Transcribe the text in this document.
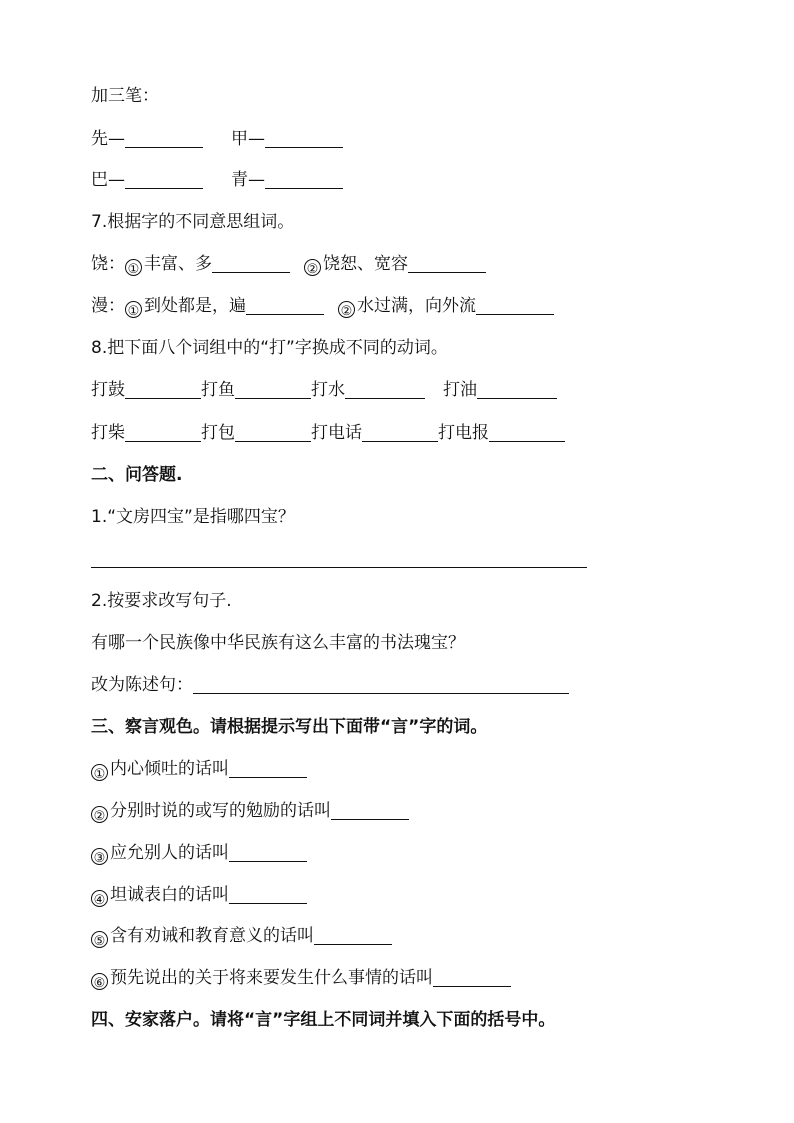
加三笔：
先—	甲—
巴—	青—
7.根据字的不同意思组词。
饶： ① 丰富、多	② 饶恕、宽容
漫： ① 到处都是，遍	② 水过满，向外流
8.把下面八个词组中的“打”字换成不同的动词。
打鼓	打鱼	打水	打油
打柴	打包	打电话	打电报
二、问答题.
1.“文房四宝”是指哪四宝？
2.按要求改写句子.
有哪一个民族像中华民族有这么丰富的书法瑰宝？
改为陈述句：
三、察言观色。请根据提示写出下面带“言”字的词。
① 内心倾吐的话叫
② 分别时说的或写的勉励的话叫
③ 应允别人的话叫
④ 坦诚表白的话叫
⑤ 含有劝诫和教育意义的话叫
⑥ 预先说出的关于将来要发生什么事情的话叫
四、安家落户。请将“言”字组上不同词并填入下面的括号中。
